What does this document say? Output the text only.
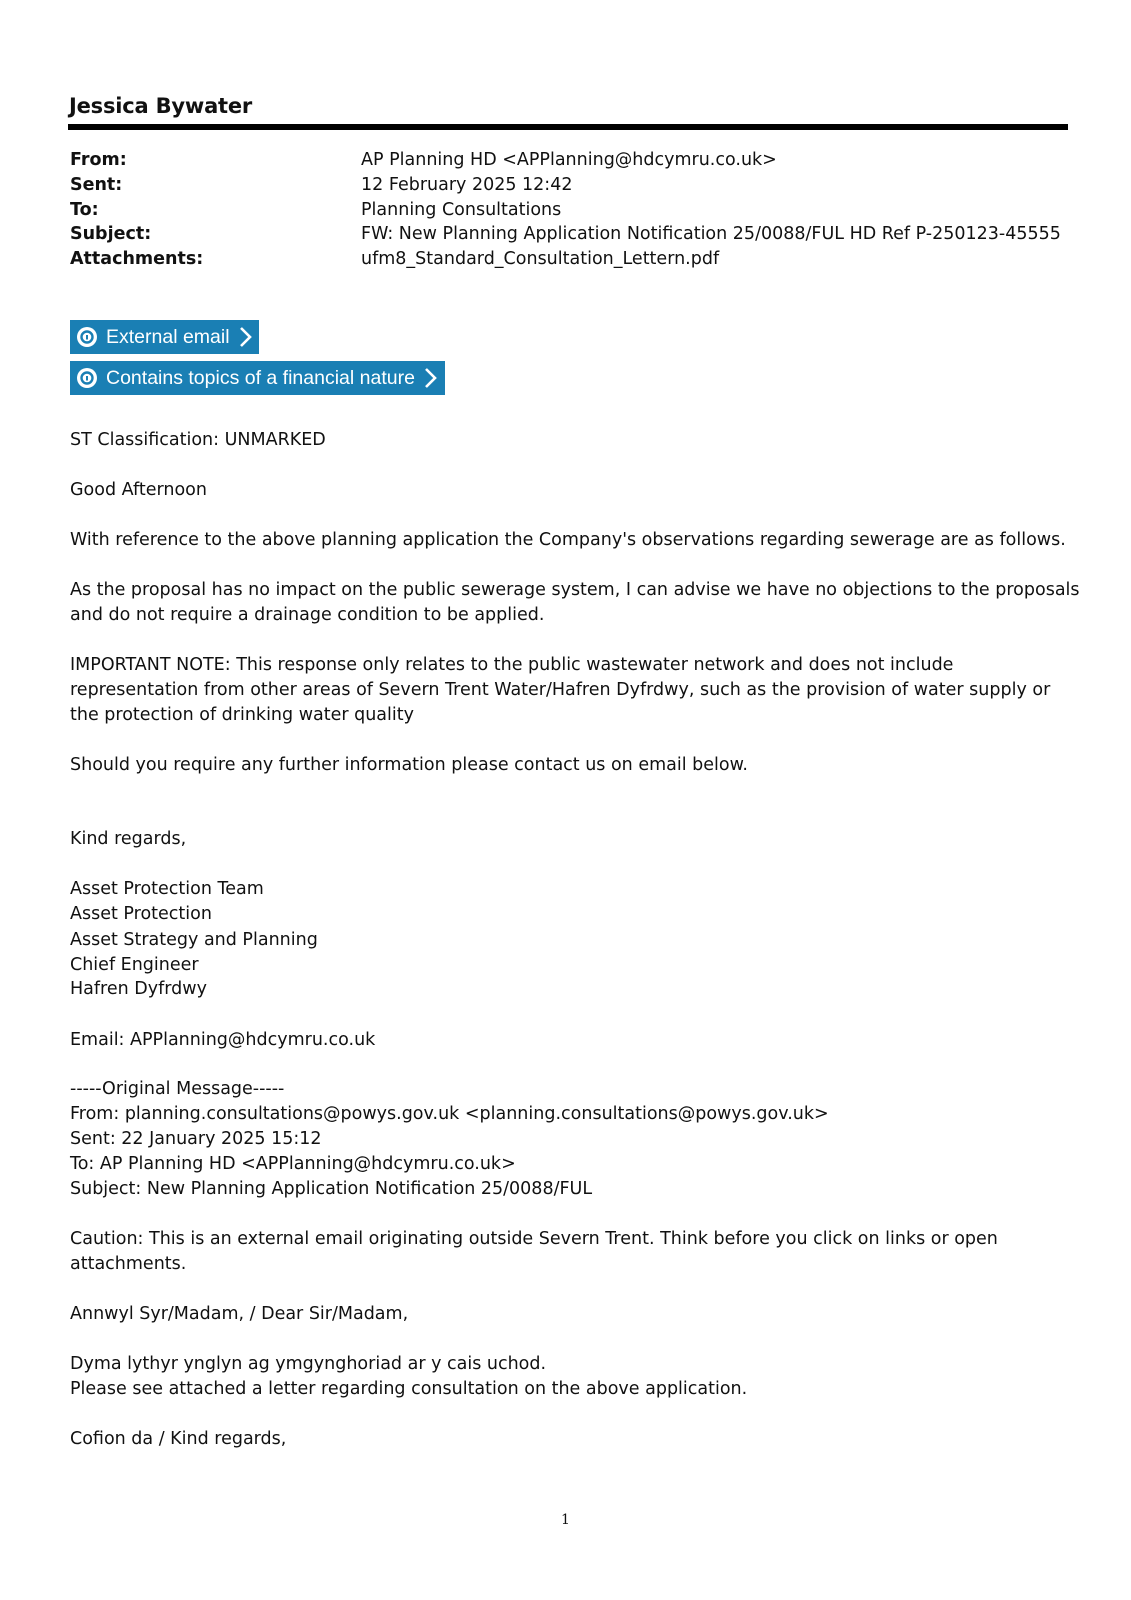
Jessica Bywater
From:	AP Planning HD <APPlanning@hdcymru.co.uk>
Sent:	12 February 2025 12:42
To:	Planning Consultations
Subject:	FW: New Planning Application Notification 25/0088/FUL HD Ref P-250123-45555
Attachments:	ufm8_Standard_Consultation_Lettern.pdf
External email
Contains topics of a financial nature
ST Classification: UNMARKED
Good Afternoon
With reference to the above planning application the Company's observations regarding sewerage are as follows.
As the proposal has no impact on the public sewerage system, I can advise we have no objections to the proposals
and do not require a drainage condition to be applied.
IMPORTANT NOTE: This response only relates to the public wastewater network and does not include
representation from other areas of Severn Trent Water/Hafren Dyfrdwy, such as the provision of water supply or
the protection of drinking water quality
Should you require any further information please contact us on email below.
Kind regards,
Asset Protection Team
Asset Protection
Asset Strategy and Planning
Chief Engineer
Hafren Dyfrdwy
Email: APPlanning@hdcymru.co.uk
-----Original Message-----
From: planning.consultations@powys.gov.uk <planning.consultations@powys.gov.uk>
Sent: 22 January 2025 15:12
To: AP Planning HD <APPlanning@hdcymru.co.uk>
Subject: New Planning Application Notification 25/0088/FUL
Caution: This is an external email originating outside Severn Trent. Think before you click on links or open
attachments.
Annwyl Syr/Madam, / Dear Sir/Madam,
Dyma lythyr ynglyn ag ymgynghoriad ar y cais uchod.
Please see attached a letter regarding consultation on the above application.
Cofion da / Kind regards,
1
